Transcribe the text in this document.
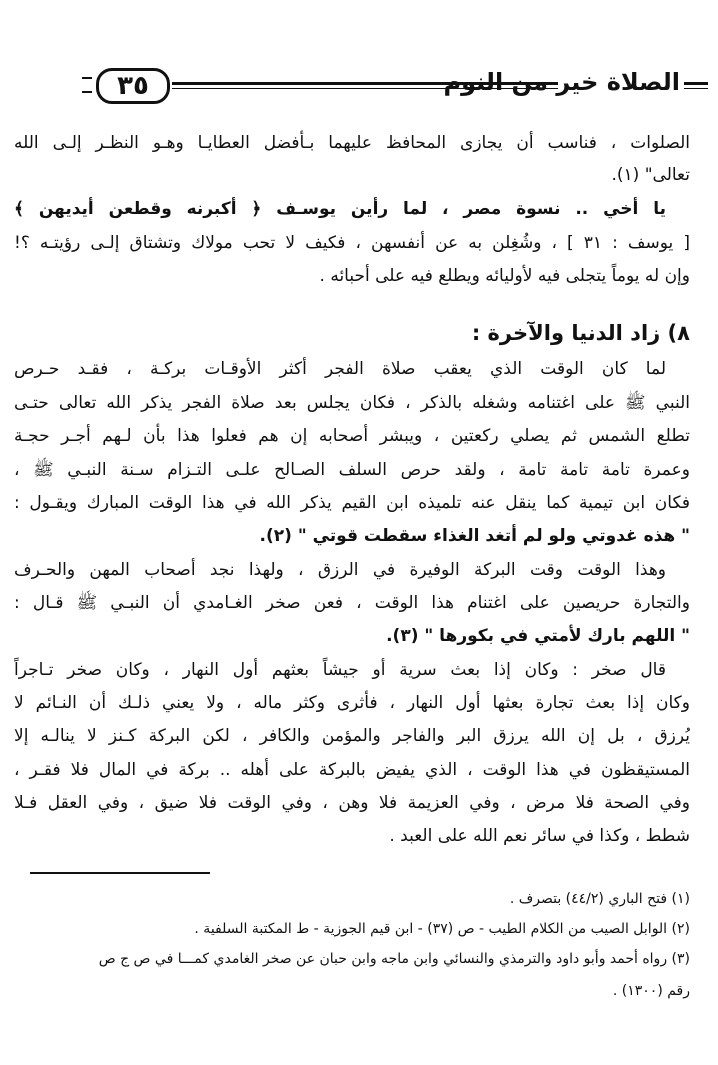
٣٥	الصلاة خير من النوم
الصلوات ، فناسب أن يجازى المحافظ عليهما بـأفضل العطايـا وهـو النظـر إلـى الله
تعالى" (١).
يا أخي .. نسوة مصر ، لما رأين يوسـف ﴿ أكبرنه وقطعن أيديهن ﴾
[ يوسف : ٣١ ] ، وشُغِلن به عن أنفسهن ، فكيف لا تحب مولاك وتشتاق إلـى رؤيتـه ؟!
وإن له يوماً يتجلى فيه لأوليائه ويطلع فيه على أحبائه .
٨) زاد الدنيا والآخرة :
لما كان الوقت الذي يعقب صلاة الفجر أكثر الأوقـات بركـة ، فقـد حـرص
النبي ﷺ على اغتنامه وشغله بالذكر ، فكان يجلس بعد صلاة الفجر يذكر الله تعالى حتـى
تطلع الشمس ثم يصلي ركعتين ، ويبشر أصحابه إن هم فعلوا هذا بأن لـهم أجـر حجـة
وعمرة تامة تامة تامة ، ولقد حرص السلف الصـالح علـى التـزام سـنة النبـي ﷺ ،
فكان ابن تيمية كما ينقل عنه تلميذه ابن القيم يذكر الله في هذا الوقت المبارك ويقـول :
" هذه غدوتي ولو لم أتغد الغذاء سقطت قوتي " (٢).
وهذا الوقت وقت البركة الوفيرة في الرزق ، ولهذا نجد أصحاب المهن والحـرف
والتجارة حريصين على اغتنام هذا الوقت ، فعن صخر الغـامدي أن النبـي ﷺ قـال :
" اللهم بارك لأمتي في بكورها " (٣).
قال صخر : وكان إذا بعث سرية أو جيشاً بعثهم أول النهار ، وكان صخر تـاجراً
وكان إذا بعث تجارة بعثها أول النهار ، فأثرى وكثر ماله ، ولا يعني ذلـك أن النـائم لا
يُرزق ، بل إن الله يرزق البر والفاجر والمؤمن والكافر ، لكن البركة كـنز لا ينالـه إلا
المستيقظون في هذا الوقت ، الذي يفيض بالبركة على أهله .. بركة في المال فلا فقـر ،
وفي الصحة فلا مرض ، وفي العزيمة فلا وهن ، وفي الوقت فلا ضيق ، وفي العقل فـلا
شطط ، وكذا في سائر نعم الله على العبد .
(١) فتح الباري (٤٤/٢) بتصرف .
(٢) الوابل الصيب من الكلام الطيب - ص (٣٧) - ابن قيم الجوزية - ط المكتبة السلفية .
(٣) رواه أحمد وأبو داود والترمذي والنسائي وابن ماجه وابن حبان عن صخر الغامدي كمـــا في ص ج ص
رقم (١٣٠٠) .
